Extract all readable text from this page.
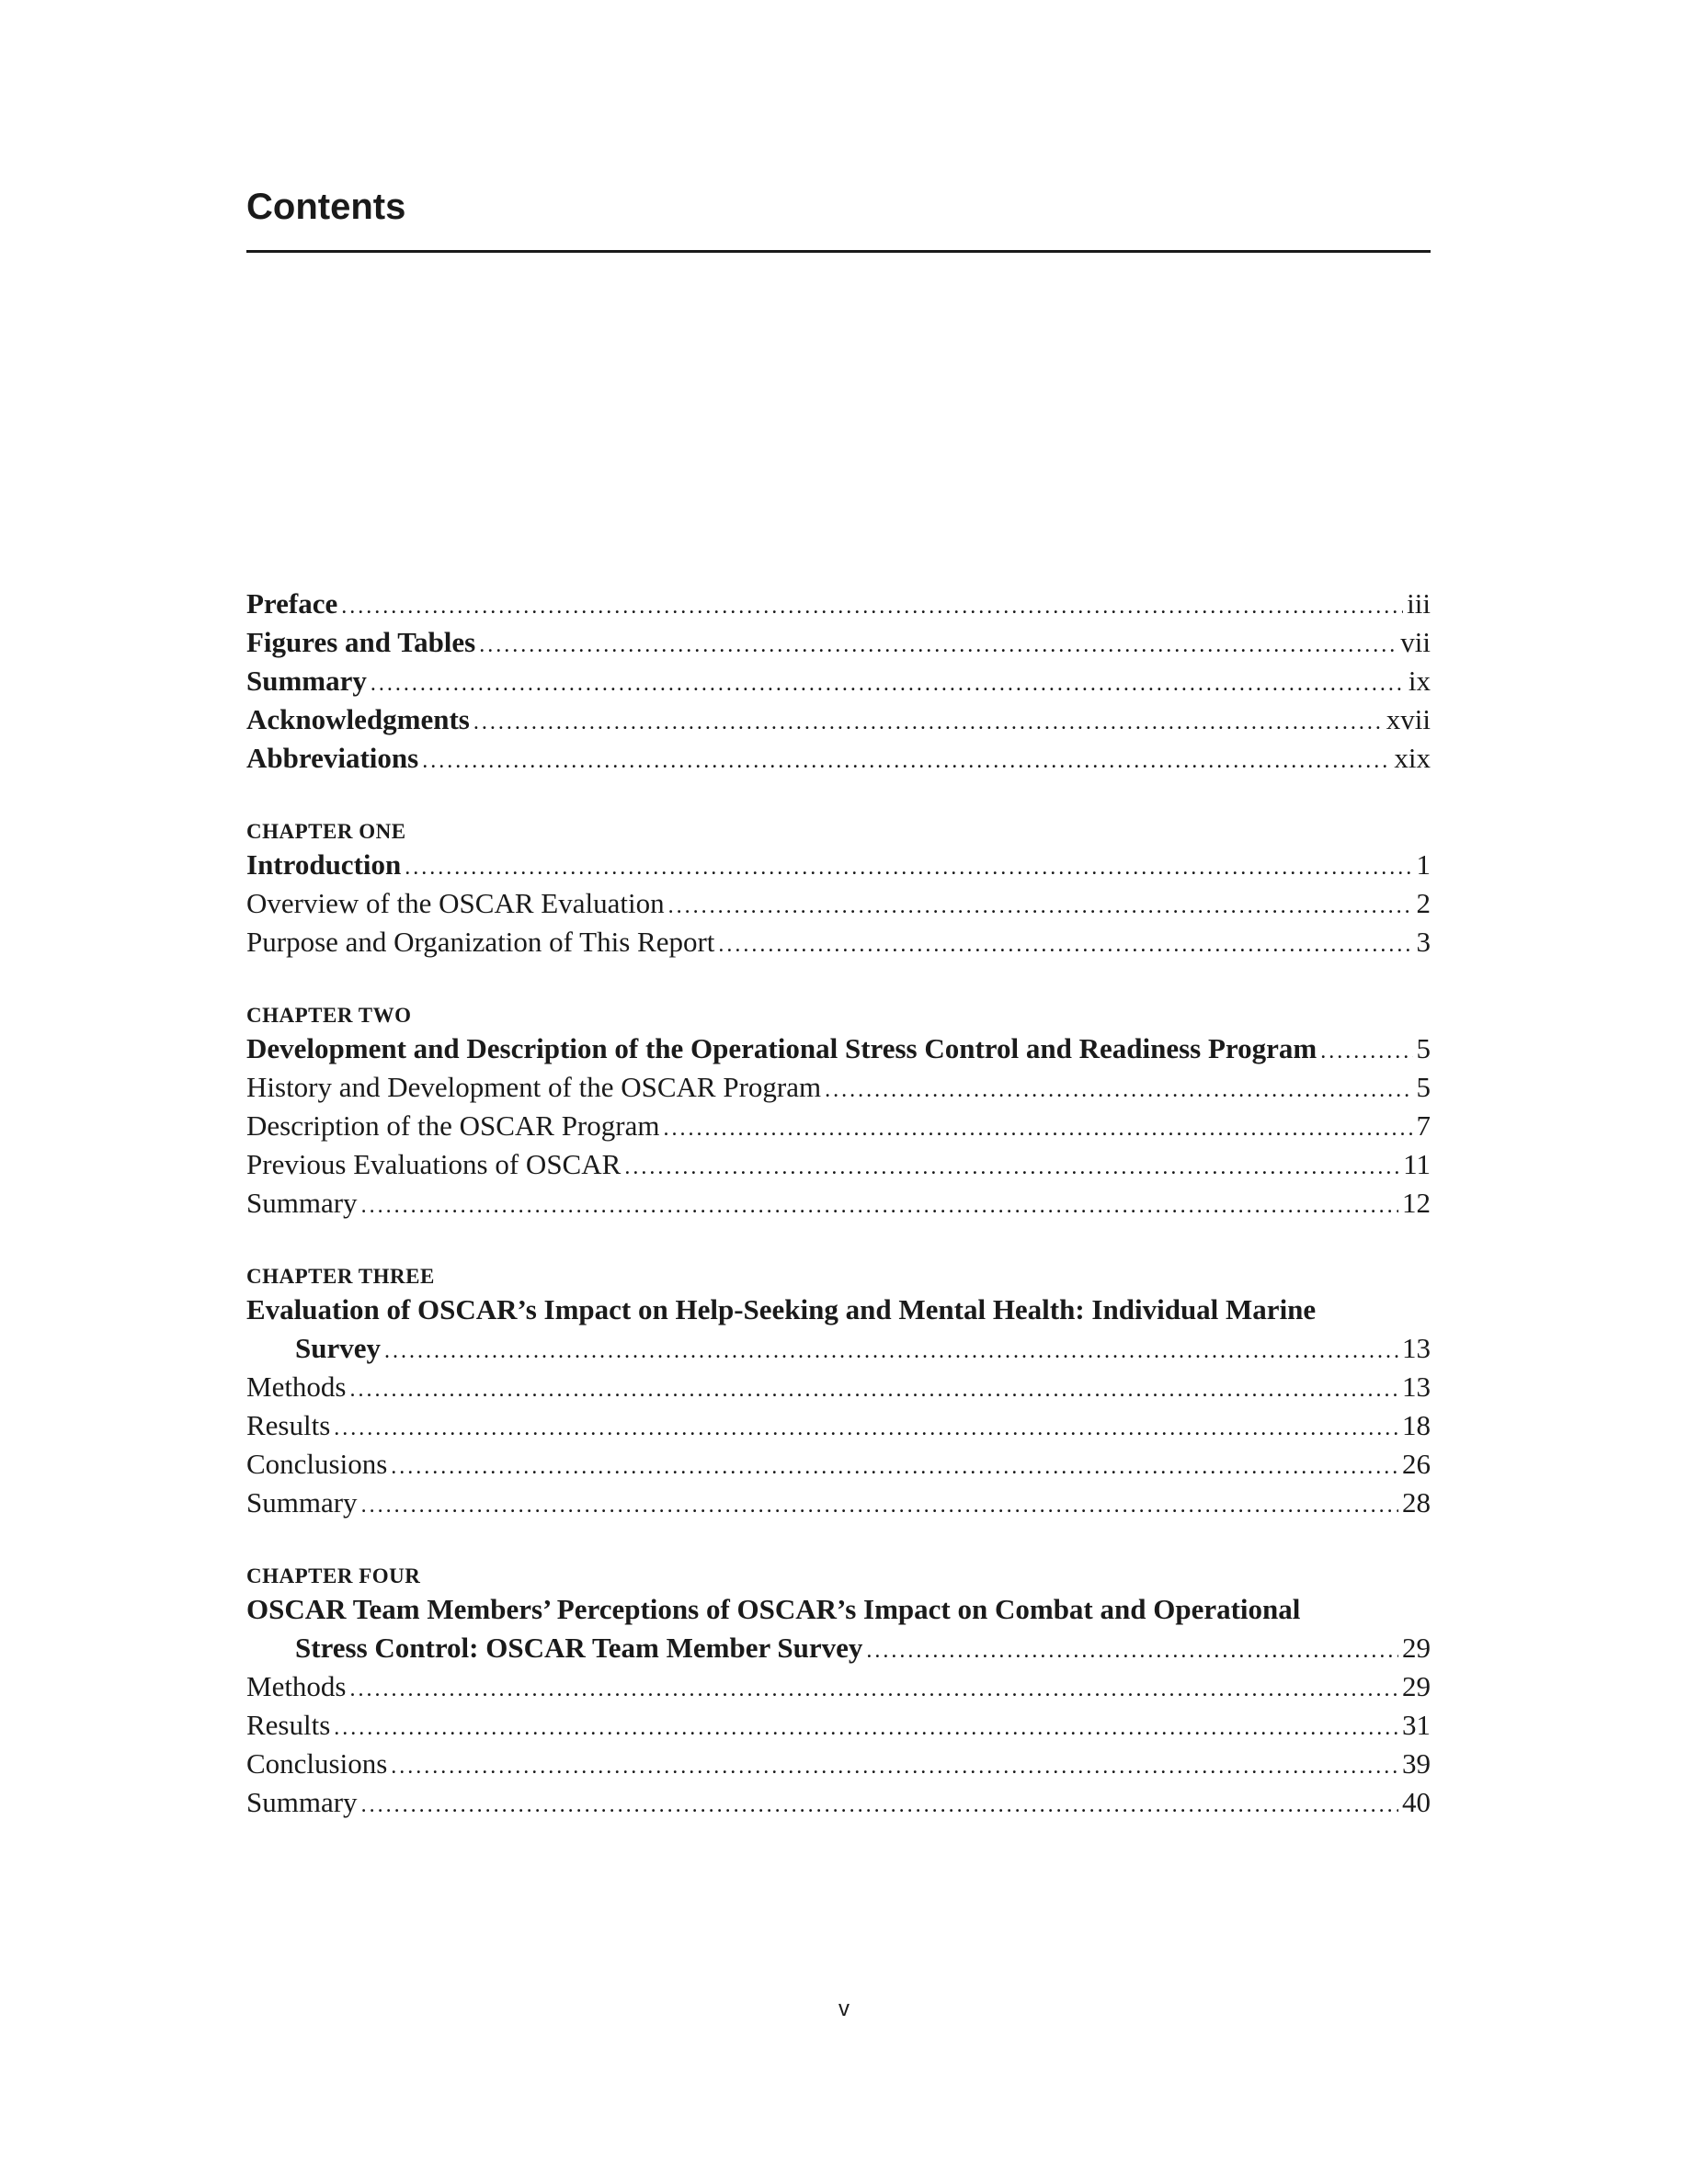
Contents
Preface .....	iii
Figures and Tables .....	vii
Summary .....	ix
Acknowledgments .....	xvii
Abbreviations .....	xix
CHAPTER ONE
Introduction .....	1
Overview of the OSCAR Evaluation .....	2
Purpose and Organization of This Report .....	3
CHAPTER TWO
Development and Description of the Operational Stress Control and Readiness Program .....	5
History and Development of the OSCAR Program .....	5
Description of the OSCAR Program .....	7
Previous Evaluations of OSCAR .....	11
Summary .....	12
CHAPTER THREE
Evaluation of OSCAR’s Impact on Help-Seeking and Mental Health: Individual Marine
Survey .....	13
Methods .....	13
Results .....	18
Conclusions .....	26
Summary .....	28
CHAPTER FOUR
OSCAR Team Members’ Perceptions of OSCAR’s Impact on Combat and Operational
Stress Control: OSCAR Team Member Survey .....	29
Methods .....	29
Results .....	31
Conclusions .....	39
Summary .....	40
v
